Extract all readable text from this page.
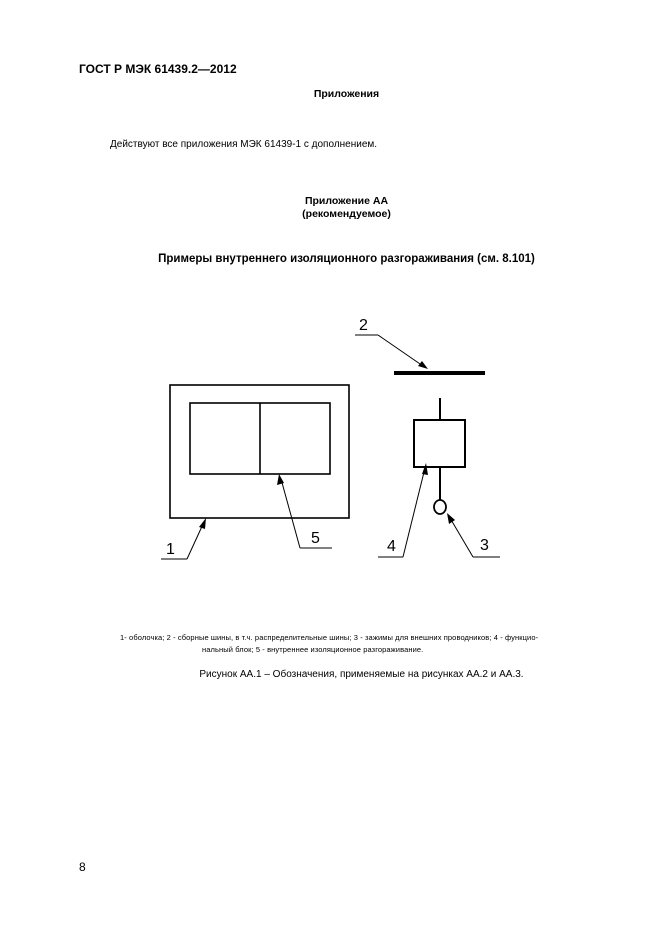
ГОСТ Р МЭК 61439.2—2012
Приложения
Действуют все приложения МЭК 61439-1 с дополнением.
Приложение АА
(рекомендуемое)
Примеры внутреннего изоляционного разгораживания (см. 8.101)
1
5
2
4	3
1- оболочка; 2 - сборные шины, в т.ч. распределительные шины; 3 - зажимы для внешних проводников; 4 - функцио-
нальный блок; 5 - внутреннее изоляционное разгораживание.
Рисунок АА.1 – Обозначения, применяемые на рисунках АА.2 и АА.3.
8
